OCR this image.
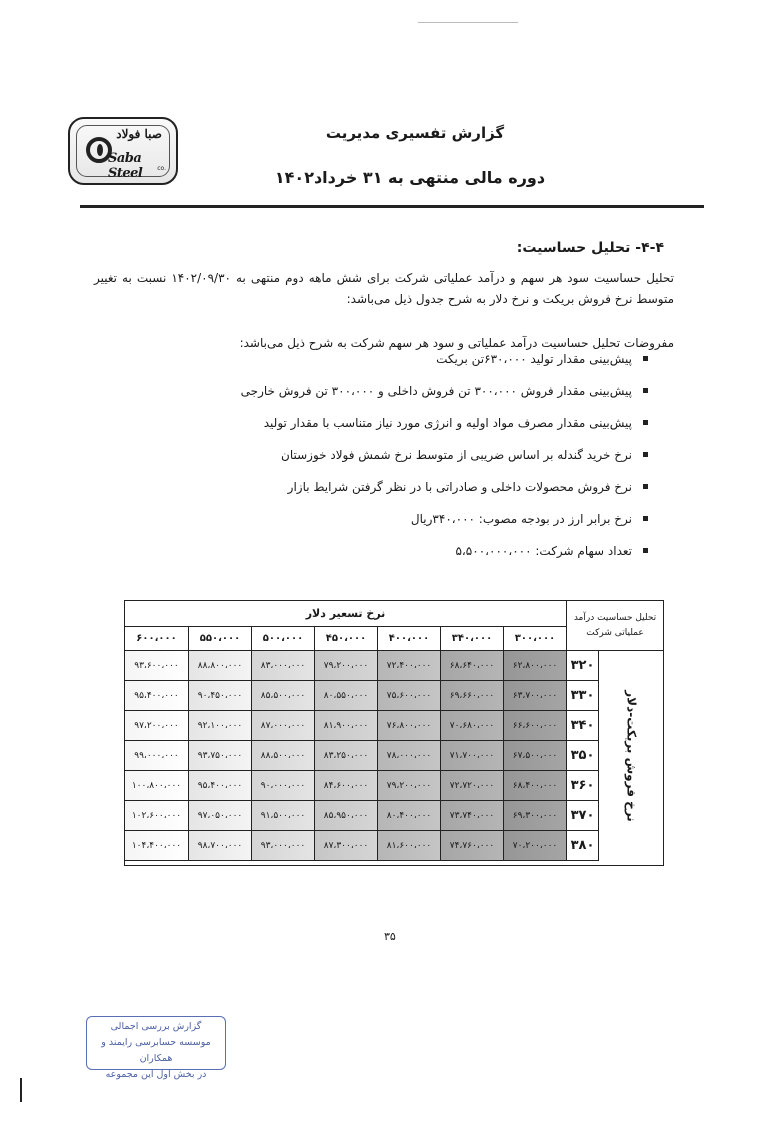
صبا فولاد
Saba Steel	co.
گزارش تفسیری مدیریت
دوره مالی منتهی به ۳۱ خرداد۱۴۰۲
۴-۴- تحلیل حساسیت:
تحلیل حساسیت سود هر سهم و درآمد عملیاتی شرکت برای شش ماهه دوم منتهی به ۱۴۰۲/۰۹/۳۰ نسبت به تغییر متوسط نرخ فروش بریکت و نرخ دلار به شرح جدول ذیل می‌باشد:
مفروضات تحلیل حساسیت درآمد عملیاتی و سود هر سهم شرکت به شرح ذیل می‌باشد:
پیش‌بینی مقدار تولید ۶۳۰،۰۰۰تن بریکت
پیش‌بینی مقدار فروش ۳۰۰،۰۰۰ تن فروش داخلی و ۳۰۰،۰۰۰ تن فروش خارجی
پیش‌بینی مقدار مصرف مواد اولیه و انرژی مورد نیاز متناسب با مقدار تولید
نرخ خرید گندله بر اساس ضریبی از متوسط نرخ شمش فولاد خوزستان
نرخ فروش محصولات داخلی و صادراتی با در نظر گرفتن شرایط بازار
نرخ برابر ارز در بودجه مصوب: ۳۴۰،۰۰۰ریال
تعداد سهام شرکت: ۵،۵۰۰،۰۰۰،۰۰۰
تحلیل حساسیت درآمد
عملیاتی شرکت
نرخ تسعیر دلار
نرخ فروش بریکت-دلار
۳۰۰،۰۰۰
۳۴۰،۰۰۰
۴۰۰،۰۰۰
۴۵۰،۰۰۰
۵۰۰،۰۰۰
۵۵۰،۰۰۰
۶۰۰،۰۰۰
۳۲۰
۶۲،۸۰۰،۰۰۰
۶۸،۶۴۰،۰۰۰
۷۲،۴۰۰،۰۰۰
۷۹،۲۰۰،۰۰۰
۸۳،۰۰۰،۰۰۰
۸۸،۸۰۰،۰۰۰
۹۳،۶۰۰،۰۰۰
۳۳۰
۶۳،۷۰۰،۰۰۰
۶۹،۶۶۰،۰۰۰
۷۵،۶۰۰،۰۰۰
۸۰،۵۵۰،۰۰۰
۸۵،۵۰۰،۰۰۰
۹۰،۴۵۰،۰۰۰
۹۵،۴۰۰،۰۰۰
۳۴۰
۶۶،۶۰۰،۰۰۰
۷۰،۶۸۰،۰۰۰
۷۶،۸۰۰،۰۰۰
۸۱،۹۰۰،۰۰۰
۸۷،۰۰۰،۰۰۰
۹۲،۱۰۰،۰۰۰
۹۷،۲۰۰،۰۰۰
۳۵۰
۶۷،۵۰۰،۰۰۰
۷۱،۷۰۰،۰۰۰
۷۸،۰۰۰،۰۰۰
۸۳،۲۵۰،۰۰۰
۸۸،۵۰۰،۰۰۰
۹۳،۷۵۰،۰۰۰
۹۹،۰۰۰،۰۰۰
۳۶۰
۶۸،۴۰۰،۰۰۰
۷۲،۷۲۰،۰۰۰
۷۹،۲۰۰،۰۰۰
۸۴،۶۰۰،۰۰۰
۹۰،۰۰۰،۰۰۰
۹۵،۴۰۰،۰۰۰
۱۰۰،۸۰۰،۰۰۰
۳۷۰
۶۹،۳۰۰،۰۰۰
۷۳،۷۴۰،۰۰۰
۸۰،۴۰۰،۰۰۰
۸۵،۹۵۰،۰۰۰
۹۱،۵۰۰،۰۰۰
۹۷،۰۵۰،۰۰۰
۱۰۲،۶۰۰،۰۰۰
۳۸۰
۷۰،۲۰۰،۰۰۰
۷۴،۷۶۰،۰۰۰
۸۱،۶۰۰،۰۰۰
۸۷،۳۰۰،۰۰۰
۹۳،۰۰۰،۰۰۰
۹۸،۷۰۰،۰۰۰
۱۰۴،۴۰۰،۰۰۰
۳۵
گزارش بررسی اجمالی
موسسه حسابرسی رایمند و همکاران
در بخش اول این مجموعه
